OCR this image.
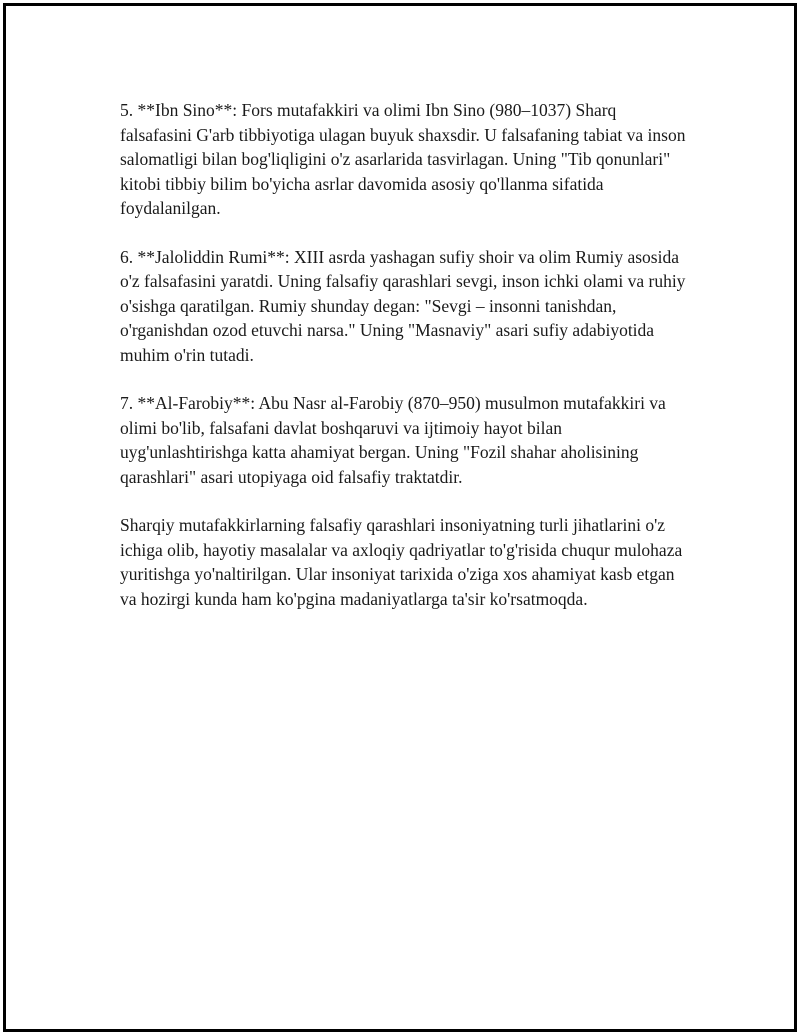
5. **Ibn Sino**: Fors mutafakkiri va olimi Ibn Sino (980–1037) Sharq falsafasini G'arb tibbiyotiga ulagan buyuk shaxsdir. U falsafaning tabiat va inson salomatligi bilan bog'liqligini o'z asarlarida tasvirlagan. Uning "Tib qonunlari" kitobi tibbiy bilim bo'yicha asrlar davomida asosiy qo'llanma sifatida foydalanilgan.

6. **Jaloliddin Rumi**: XIII asrda yashagan sufiy shoir va olim Rumiy asosida o'z falsafasini yaratdi. Uning falsafiy qarashlari sevgi, inson ichki olami va ruhiy o'sishga qaratilgan. Rumiy shunday degan: "Sevgi – insonni tanishdan, o'rganishdan ozod etuvchi narsa." Uning "Masnaviy" asari sufiy adabiyotida muhim o'rin tutadi.

7. **Al-Farobiy**: Abu Nasr al-Farobiy (870–950) musulmon mutafakkiri va olimi bo'lib, falsafani davlat boshqaruvi va ijtimoiy hayot bilan uyg'unlashtirishga katta ahamiyat bergan. Uning "Fozil shahar aholisining qarashlari" asari utopiyaga oid falsafiy traktatdir.

Sharqiy mutafakkirlarning falsafiy qarashlari insoniyatning turli jihatlarini o'z ichiga olib, hayotiy masalalar va axloqiy qadriyatlar to'g'risida chuqur mulohaza yuritishga yo'naltirilgan. Ular insoniyat tarixida o'ziga xos ahamiyat kasb etgan va hozirgi kunda ham ko'pgina madaniyatlarga ta'sir ko'rsatmoqda.
